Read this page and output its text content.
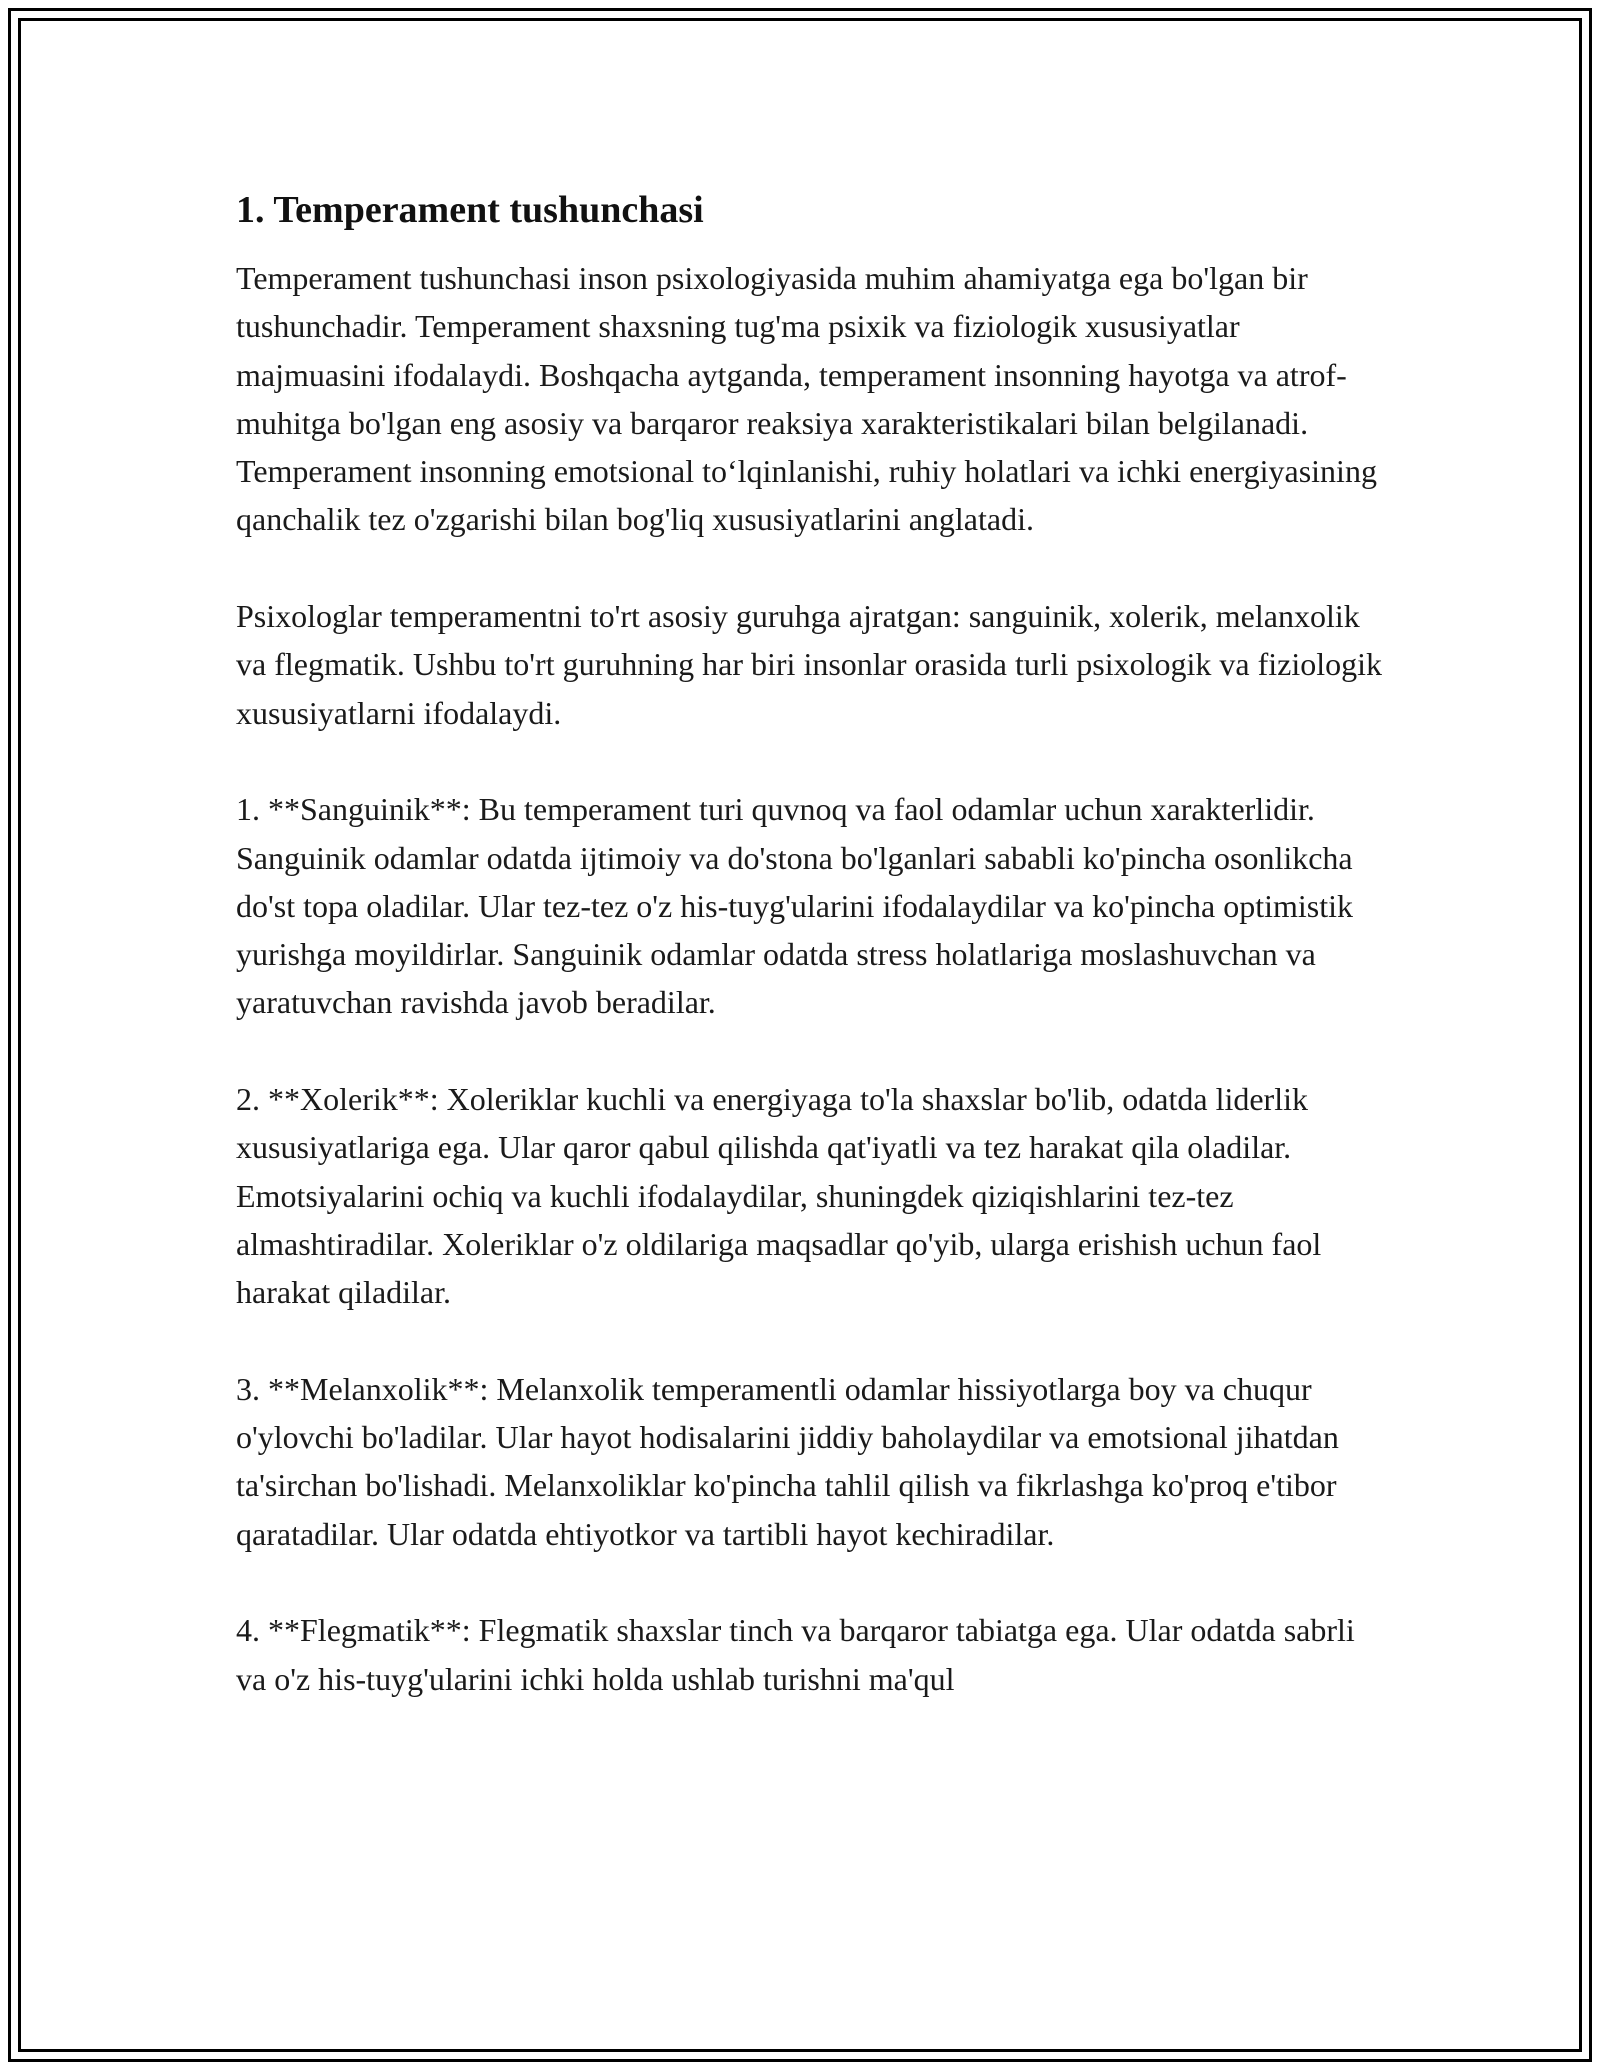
1. Temperament tushunchasi

Temperament tushunchasi inson psixologiyasida muhim ahamiyatga ega bo'lgan bir tushunchadir. Temperament shaxsning tug'ma psixik va fiziologik xususiyatlar majmuasini ifodalaydi. Boshqacha aytganda, temperament insonning hayotga va atrof-muhitga bo'lgan eng asosiy va barqaror reaksiya xarakteristikalari bilan belgilanadi. Temperament insonning emotsional to‘lqinlanishi, ruhiy holatlari va ichki energiyasining qanchalik tez o'zgarishi bilan bog'liq xususiyatlarini anglatadi.

Psixologlar temperamentni to'rt asosiy guruhga ajratgan: sanguinik, xolerik, melanxolik va flegmatik. Ushbu to'rt guruhning har biri insonlar orasida turli psixologik va fiziologik xususiyatlarni ifodalaydi.

1. **Sanguinik**: Bu temperament turi quvnoq va faol odamlar uchun xarakterlidir. Sanguinik odamlar odatda ijtimoiy va do'stona bo'lganlari sababli ko'pincha osonlikcha do'st topa oladilar. Ular tez-tez o'z his-tuyg'ularini ifodalaydilar va ko'pincha optimistik yurishga moyildirlar. Sanguinik odamlar odatda stress holatlariga moslashuvchan va yaratuvchan ravishda javob beradilar.

2. **Xolerik**: Xoleriklar kuchli va energiyaga to'la shaxslar bo'lib, odatda liderlik xususiyatlariga ega. Ular qaror qabul qilishda qat'iyatli va tez harakat qila oladilar. Emotsiyalarini ochiq va kuchli ifodalaydilar, shuningdek qiziqishlarini tez-tez almashtiradilar. Xoleriklar o'z oldilariga maqsadlar qo'yib, ularga erishish uchun faol harakat qiladilar.

3. **Melanxolik**: Melanxolik temperamentli odamlar hissiyotlarga boy va chuqur o'ylovchi bo'ladilar. Ular hayot hodisalarini jiddiy baholaydilar va emotsional jihatdan ta'sirchan bo'lishadi. Melanxoliklar ko'pincha tahlil qilish va fikrlashga ko'proq e'tibor qaratadilar. Ular odatda ehtiyotkor va tartibli hayot kechiradilar.

4. **Flegmatik**: Flegmatik shaxslar tinch va barqaror tabiatga ega. Ular odatda sabrli va o'z his-tuyg'ularini ichki holda ushlab turishni ma'qul
